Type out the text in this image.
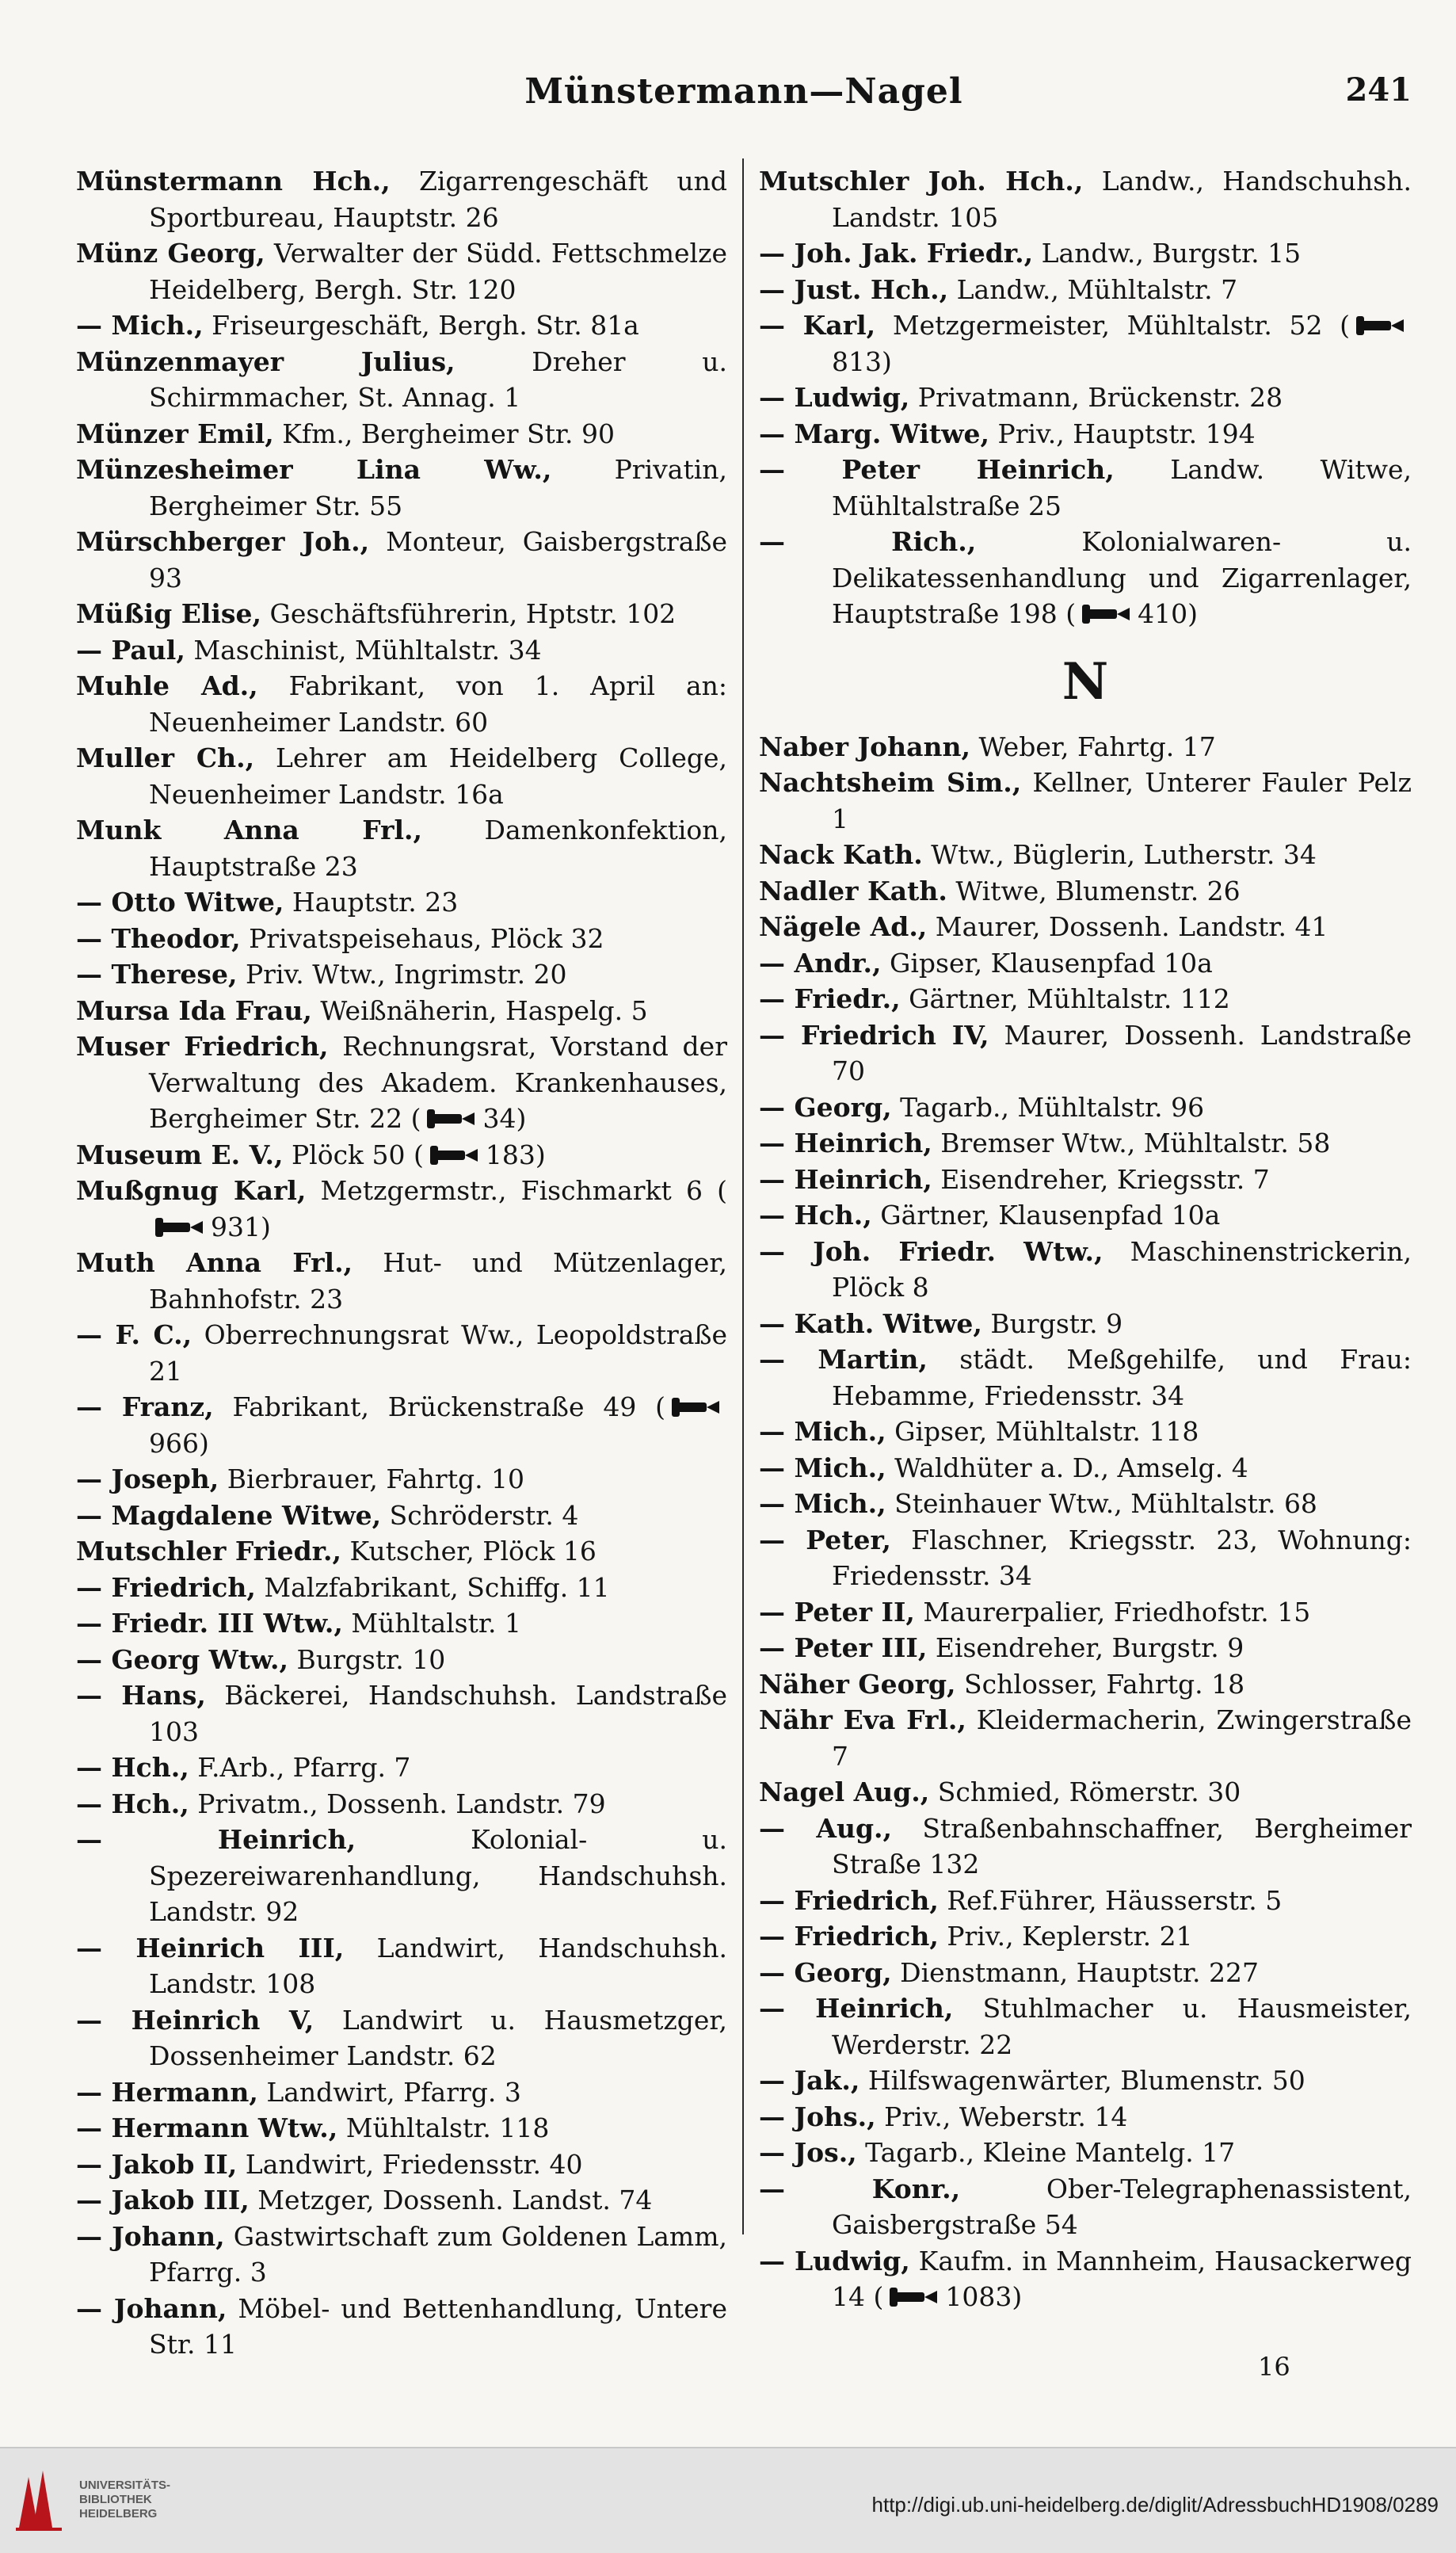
Münstermann—Nagel	241

Münstermann Hch., Zigarrengeschäft und Sportbureau, Hauptstr. 26

Münz Georg, Verwalter der Südd. Fettschmelze Heidelberg, Bergh. Str. 120

— Mich., Friseurgeschäft, Bergh. Str. 81a

Münzenmayer Julius, Dreher u. Schirmmacher, St. Annag. 1

Münzer Emil, Kfm., Bergheimer Str. 90

Münzesheimer Lina Ww., Privatin, Bergheimer Str. 55

Mürschberger Joh., Monteur, Gaisbergstraße 93

Müßig Elise, Geschäftsführerin, Hptstr. 102

— Paul, Maschinist, Mühltalstr. 34

Muhle Ad., Fabrikant, von 1. April an: Neuenheimer Landstr. 60

Muller Ch., Lehrer am Heidelberg College, Neuenheimer Landstr. 16a

Munk Anna Frl., Damenkonfektion, Hauptstraße 23

— Otto Witwe, Hauptstr. 23

— Theodor, Privatspeisehaus, Plöck 32

— Therese, Priv. Wtw., Ingrimstr. 20

Mursa Ida Frau, Weißnäherin, Haspelg. 5

Muser Friedrich, Rechnungsrat, Vorstand der Verwaltung des Akadem. Krankenhauses, Bergheimer Str. 22 ( 34)

Museum E. V., Plöck 50 ( 183)

Mußgnug Karl, Metzgermstr., Fischmarkt 6 (
931)

Muth Anna Frl., Hut- und Mützenlager, Bahnhofstr. 23

— F. C., Oberrechnungsrat Ww., Leopoldstraße 21

— Franz, Fabrikant, Brückenstraße 49 (
966)

— Joseph, Bierbrauer, Fahrtg. 10

— Magdalene Witwe, Schröderstr. 4

Mutschler Friedr., Kutscher, Plöck 16

— Friedrich, Malzfabrikant, Schiffg. 11

— Friedr. III Wtw., Mühltalstr. 1

— Georg Wtw., Burgstr. 10

— Hans, Bäckerei, Handschuhsh. Landstraße 103

— Hch., F.Arb., Pfarrg. 7

— Hch., Privatm., Dossenh. Landstr. 79

— Heinrich, Kolonial- u. Spezereiwarenhandlung, Handschuhsh. Landstr. 92

— Heinrich III, Landwirt, Handschuhsh. Landstr. 108

— Heinrich V, Landwirt u. Hausmetzger, Dossenheimer Landstr. 62

— Hermann, Landwirt, Pfarrg. 3

— Hermann Wtw., Mühltalstr. 118

— Jakob II, Landwirt, Friedensstr. 40

— Jakob III, Metzger, Dossenh. Landst. 74

— Johann, Gastwirtschaft zum Goldenen Lamm, Pfarrg. 3

— Johann, Möbel- und Bettenhandlung, Untere Str. 11

Mutschler Joh. Hch., Landw., Handschuhsh. Landstr. 105

— Joh. Jak. Friedr., Landw., Burgstr. 15

— Just. Hch., Landw., Mühltalstr. 7

— Karl, Metzgermeister, Mühltalstr. 52 (
813)

— Ludwig, Privatmann, Brückenstr. 28

— Marg. Witwe, Priv., Hauptstr. 194

— Peter Heinrich, Landw. Witwe, Mühltalstraße 25

— Rich., Kolonialwaren- u. Delikatessenhandlung und Zigarrenlager, Hauptstraße 198 ( 410)

N

Naber Johann, Weber, Fahrtg. 17

Nachtsheim Sim., Kellner, Unterer Fauler Pelz 1

Nack Kath. Wtw., Büglerin, Lutherstr. 34

Nadler Kath. Witwe, Blumenstr. 26

Nägele Ad., Maurer, Dossenh. Landstr. 41

— Andr., Gipser, Klausenpfad 10a

— Friedr., Gärtner, Mühltalstr. 112

— Friedrich IV, Maurer, Dossenh. Landstraße 70

— Georg, Tagarb., Mühltalstr. 96

— Heinrich, Bremser Wtw., Mühltalstr. 58

— Heinrich, Eisendreher, Kriegsstr. 7

— Hch., Gärtner, Klausenpfad 10a

— Joh. Friedr. Wtw., Maschinenstrickerin, Plöck 8

— Kath. Witwe, Burgstr. 9

— Martin, städt. Meßgehilfe, und Frau: Hebamme, Friedensstr. 34

— Mich., Gipser, Mühltalstr. 118

— Mich., Waldhüter a. D., Amselg. 4

— Mich., Steinhauer Wtw., Mühltalstr. 68

— Peter, Flaschner, Kriegsstr. 23, Wohnung: Friedensstr. 34

— Peter II, Maurerpalier, Friedhofstr. 15

— Peter III, Eisendreher, Burgstr. 9

Näher Georg, Schlosser, Fahrtg. 18

Nähr Eva Frl., Kleidermacherin, Zwingerstraße 7

Nagel Aug., Schmied, Römerstr. 30

— Aug., Straßenbahnschaffner, Bergheimer Straße 132

— Friedrich, Ref.Führer, Häusserstr. 5

— Friedrich, Priv., Keplerstr. 21

— Georg, Dienstmann, Hauptstr. 227

— Heinrich, Stuhlmacher u. Hausmeister, Werderstr. 22

— Jak., Hilfswagenwärter, Blumenstr. 50

— Johs., Priv., Weberstr. 14

— Jos., Tagarb., Kleine Mantelg. 17

— Konr., Ober-Telegraphenassistent, Gaisbergstraße 54

— Ludwig, Kaufm. in Mannheim, Hausackerweg 14 ( 1083)

16
UNIVERSITÄTS-
BIBLIOTHEK
HEIDELBERG	http://digi.ub.uni-heidelberg.de/diglit/AdressbuchHD1908/0289
